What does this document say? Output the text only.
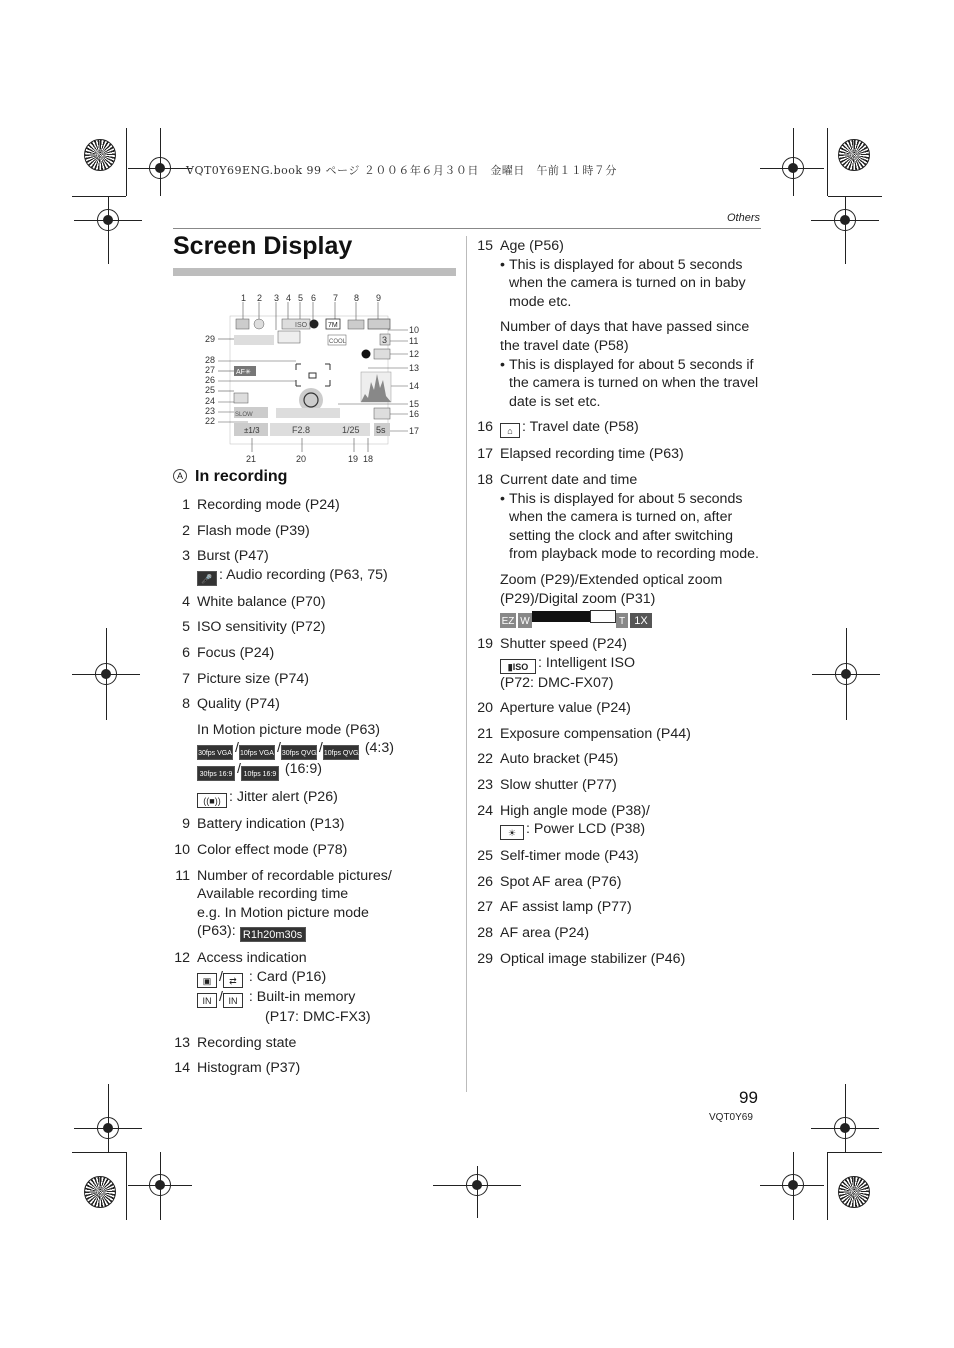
VQT0Y69ENG.book 99 ページ ２００６年６月３０日　金曜日　午前１１時７分
Others
Screen Display
1 2 3 4 5 6 7 8 9
29
28
27
26
25
24
23
22
10
11
12
13
14
15
16
17
21	20	19 18
ISO	7M
COOL	3
AF✳
SLOW
±1/3	F2.8	1/25 5s
A In recording
1 Recording mode (P24)
2 Flash mode (P39)
3 Burst (P47)
🎤 : Audio recording (P63, 75)
4 White balance (P70)
5 ISO sensitivity (P72)
6 Focus (P24)
7 Picture size (P74)
8 Quality (P74)
In Motion picture mode (P63)
30fps VGA /10fps VGA /30fps QVGA/10fps QVGA (4:3)
30fps 16:9 / 10fps 16:9 (16:9)
((■)) : Jitter alert (P26)
9 Battery indication (P13)
10 Color effect mode (P78)
11 Number of recordable pictures/
Available recording time
e.g. In Motion picture mode
(P63): R1h20m30s
12 Access indication
▣ / ⇄ : Card (P16)
IN / IN : Built-in memory
(P17: DMC-FX3)
13 Recording state
14 Histogram (P37)
15 Age (P56)
• This is displayed for about 5 seconds when the camera is turned on in baby mode etc.
Number of days that have passed since the travel date (P58)
• This is displayed for about 5 seconds if the camera is turned on when the travel date is set etc.
16	⌂ : Travel date (P58)
17 Elapsed recording time (P63)
18 Current date and time
• This is displayed for about 5 seconds when the camera is turned on, after setting the clock and after switching from playback mode to recording mode.
Zoom (P29)/Extended optical zoom (P29)/Digital zoom (P31)
EZ W	T 1X
19 Shutter speed (P24)
▮ISO : Intelligent ISO
(P72: DMC-FX07)
20 Aperture value (P24)
21 Exposure compensation (P44)
22 Auto bracket (P45)
23 Slow shutter (P77)
24 High angle mode (P38)/
☀ : Power LCD (P38)
25 Self-timer mode (P43)
26 Spot AF area (P76)
27 AF assist lamp (P77)
28 AF area (P24)
29 Optical image stabilizer (P46)
99
VQT0Y69
